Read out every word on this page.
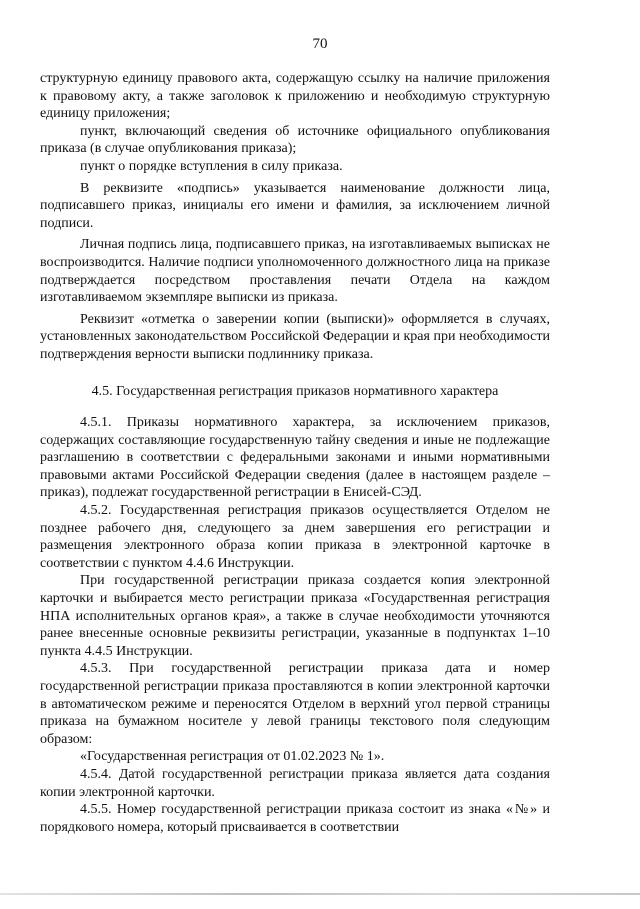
70

структурную единицу правового акта, содержащую ссылку на наличие приложения к правовому акту, а также заголовок к приложению и необходимую структурную единицу приложения;

пункт, включающий сведения об источнике официального опубликования приказа (в случае опубликования приказа);

пункт о порядке вступления в силу приказа.

В реквизите «подпись» указывается наименование должности лица, подписавшего приказ, инициалы его имени и фамилия, за исключением личной подписи.

Личная подпись лица, подписавшего приказ, на изготавливаемых выписках не воспроизводится. Наличие подписи уполномоченного должностного лица на приказе подтверждается посредством проставления печати Отдела на каждом изготавливаемом экземпляре выписки из приказа.

Реквизит «отметка о заверении копии (выписки)» оформляется в случаях, установленных законодательством Российской Федерации и края при необходимости подтверждения верности выписки подлиннику приказа.

4.5. Государственная регистрация приказов нормативного характера

4.5.1. Приказы нормативного характера, за исключением приказов, содержащих составляющие государственную тайну сведения и иные не подлежащие разглашению в соответствии с федеральными законами и иными нормативными правовыми актами Российской Федерации сведения (далее в настоящем разделе – приказ), подлежат государственной регистрации в Енисей-СЭД.

4.5.2. Государственная регистрация приказов осуществляется Отделом не позднее рабочего дня, следующего за днем завершения его регистрации и размещения электронного образа копии приказа в электронной карточке в соответствии с пунктом 4.4.6 Инструкции.

При государственной регистрации приказа создается копия электронной карточки и выбирается место регистрации приказа «Государственная регистрация НПА исполнительных органов края», а также в случае необходимости уточняются ранее внесенные основные реквизиты регистрации, указанные в подпунктах 1–10 пункта 4.4.5 Инструкции.

4.5.3. При государственной регистрации приказа дата и номер государственной регистрации приказа проставляются в копии электронной карточки в автоматическом режиме и переносятся Отделом в верхний угол первой страницы приказа на бумажном носителе у левой границы текстового поля следующим образом:

«Государственная регистрация от 01.02.2023 № 1».

4.5.4. Датой государственной регистрации приказа является дата создания копии электронной карточки.

4.5.5. Номер государственной регистрации приказа состоит из знака «№» и порядкового номера, который присваивается в соответствии
